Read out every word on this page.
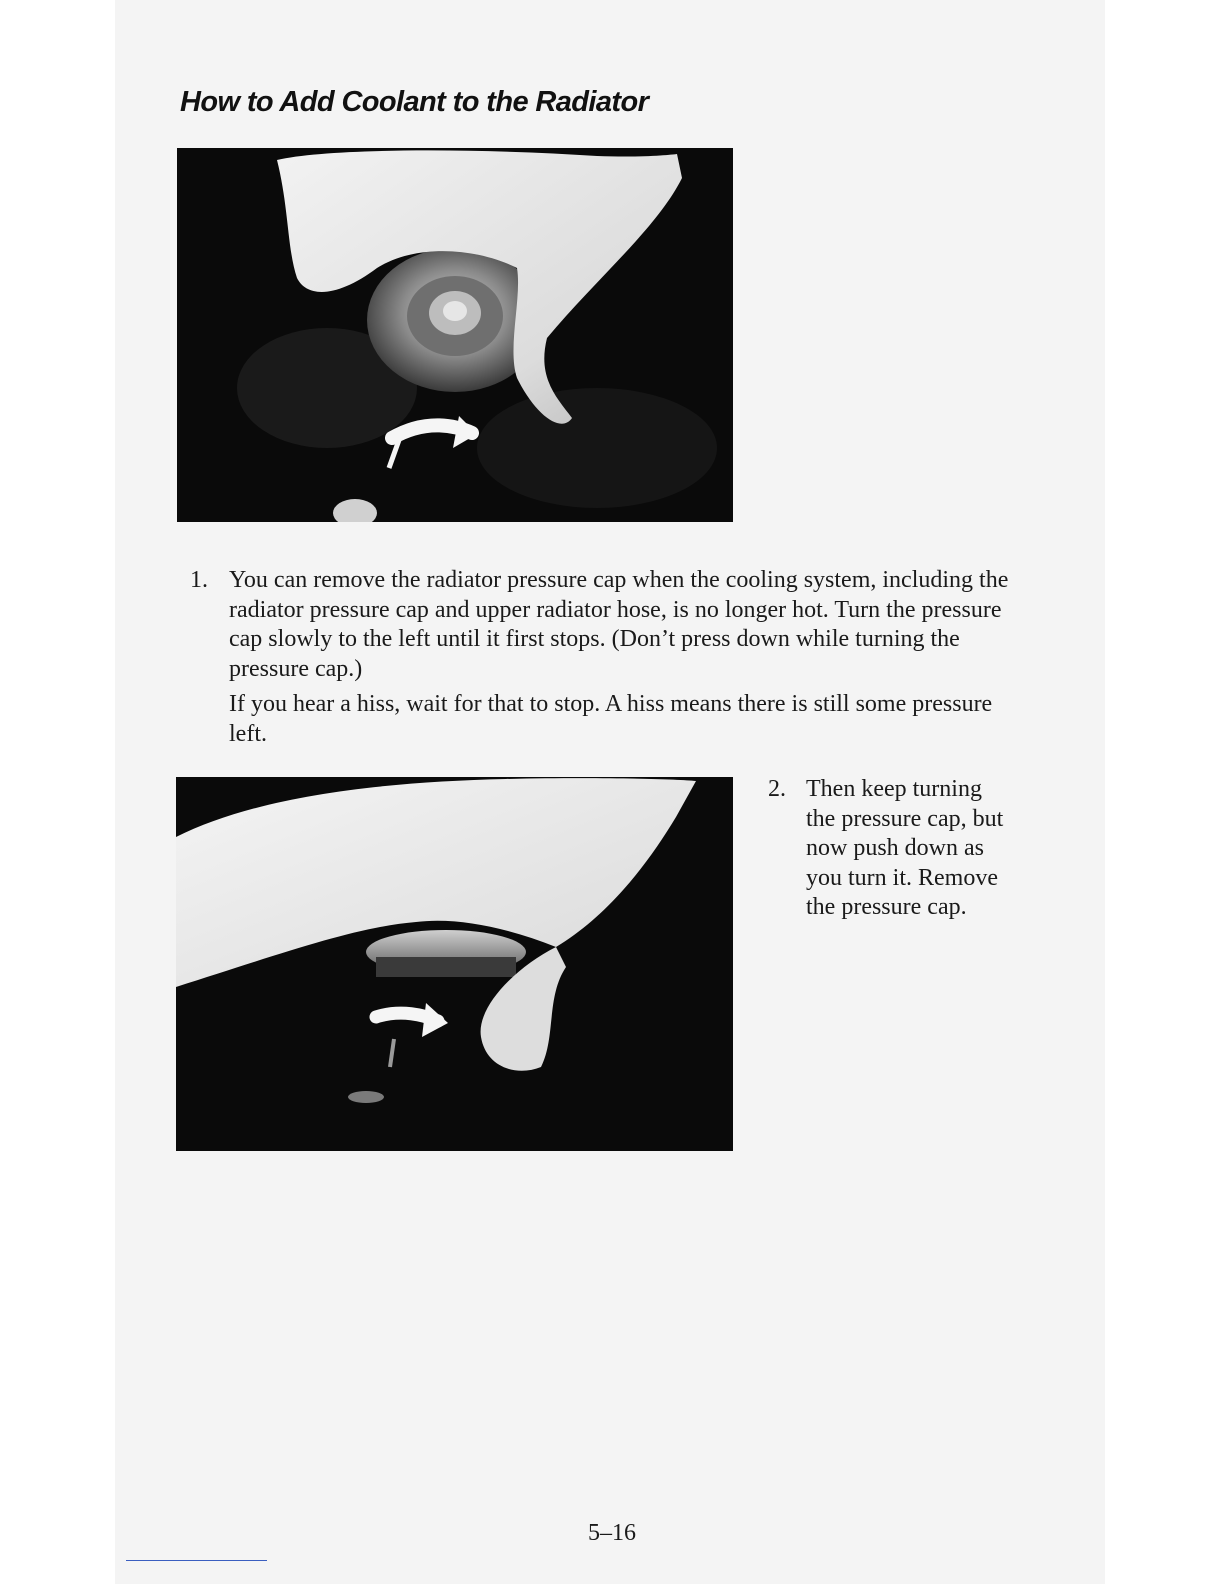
How to Add Coolant to the Radiator
1. You can remove the radiator pressure cap when the cooling system, including the radiator pressure cap and upper radiator hose, is no longer hot. Turn the pressure cap slowly to the left until it first stops. (Don’t press down while turning the pressure cap.)

If you hear a hiss, wait for that to stop. A hiss means there is still some pressure left.

2. Then keep turning the pressure cap, but now push down as you turn it. Remove the pressure cap.

5–16
